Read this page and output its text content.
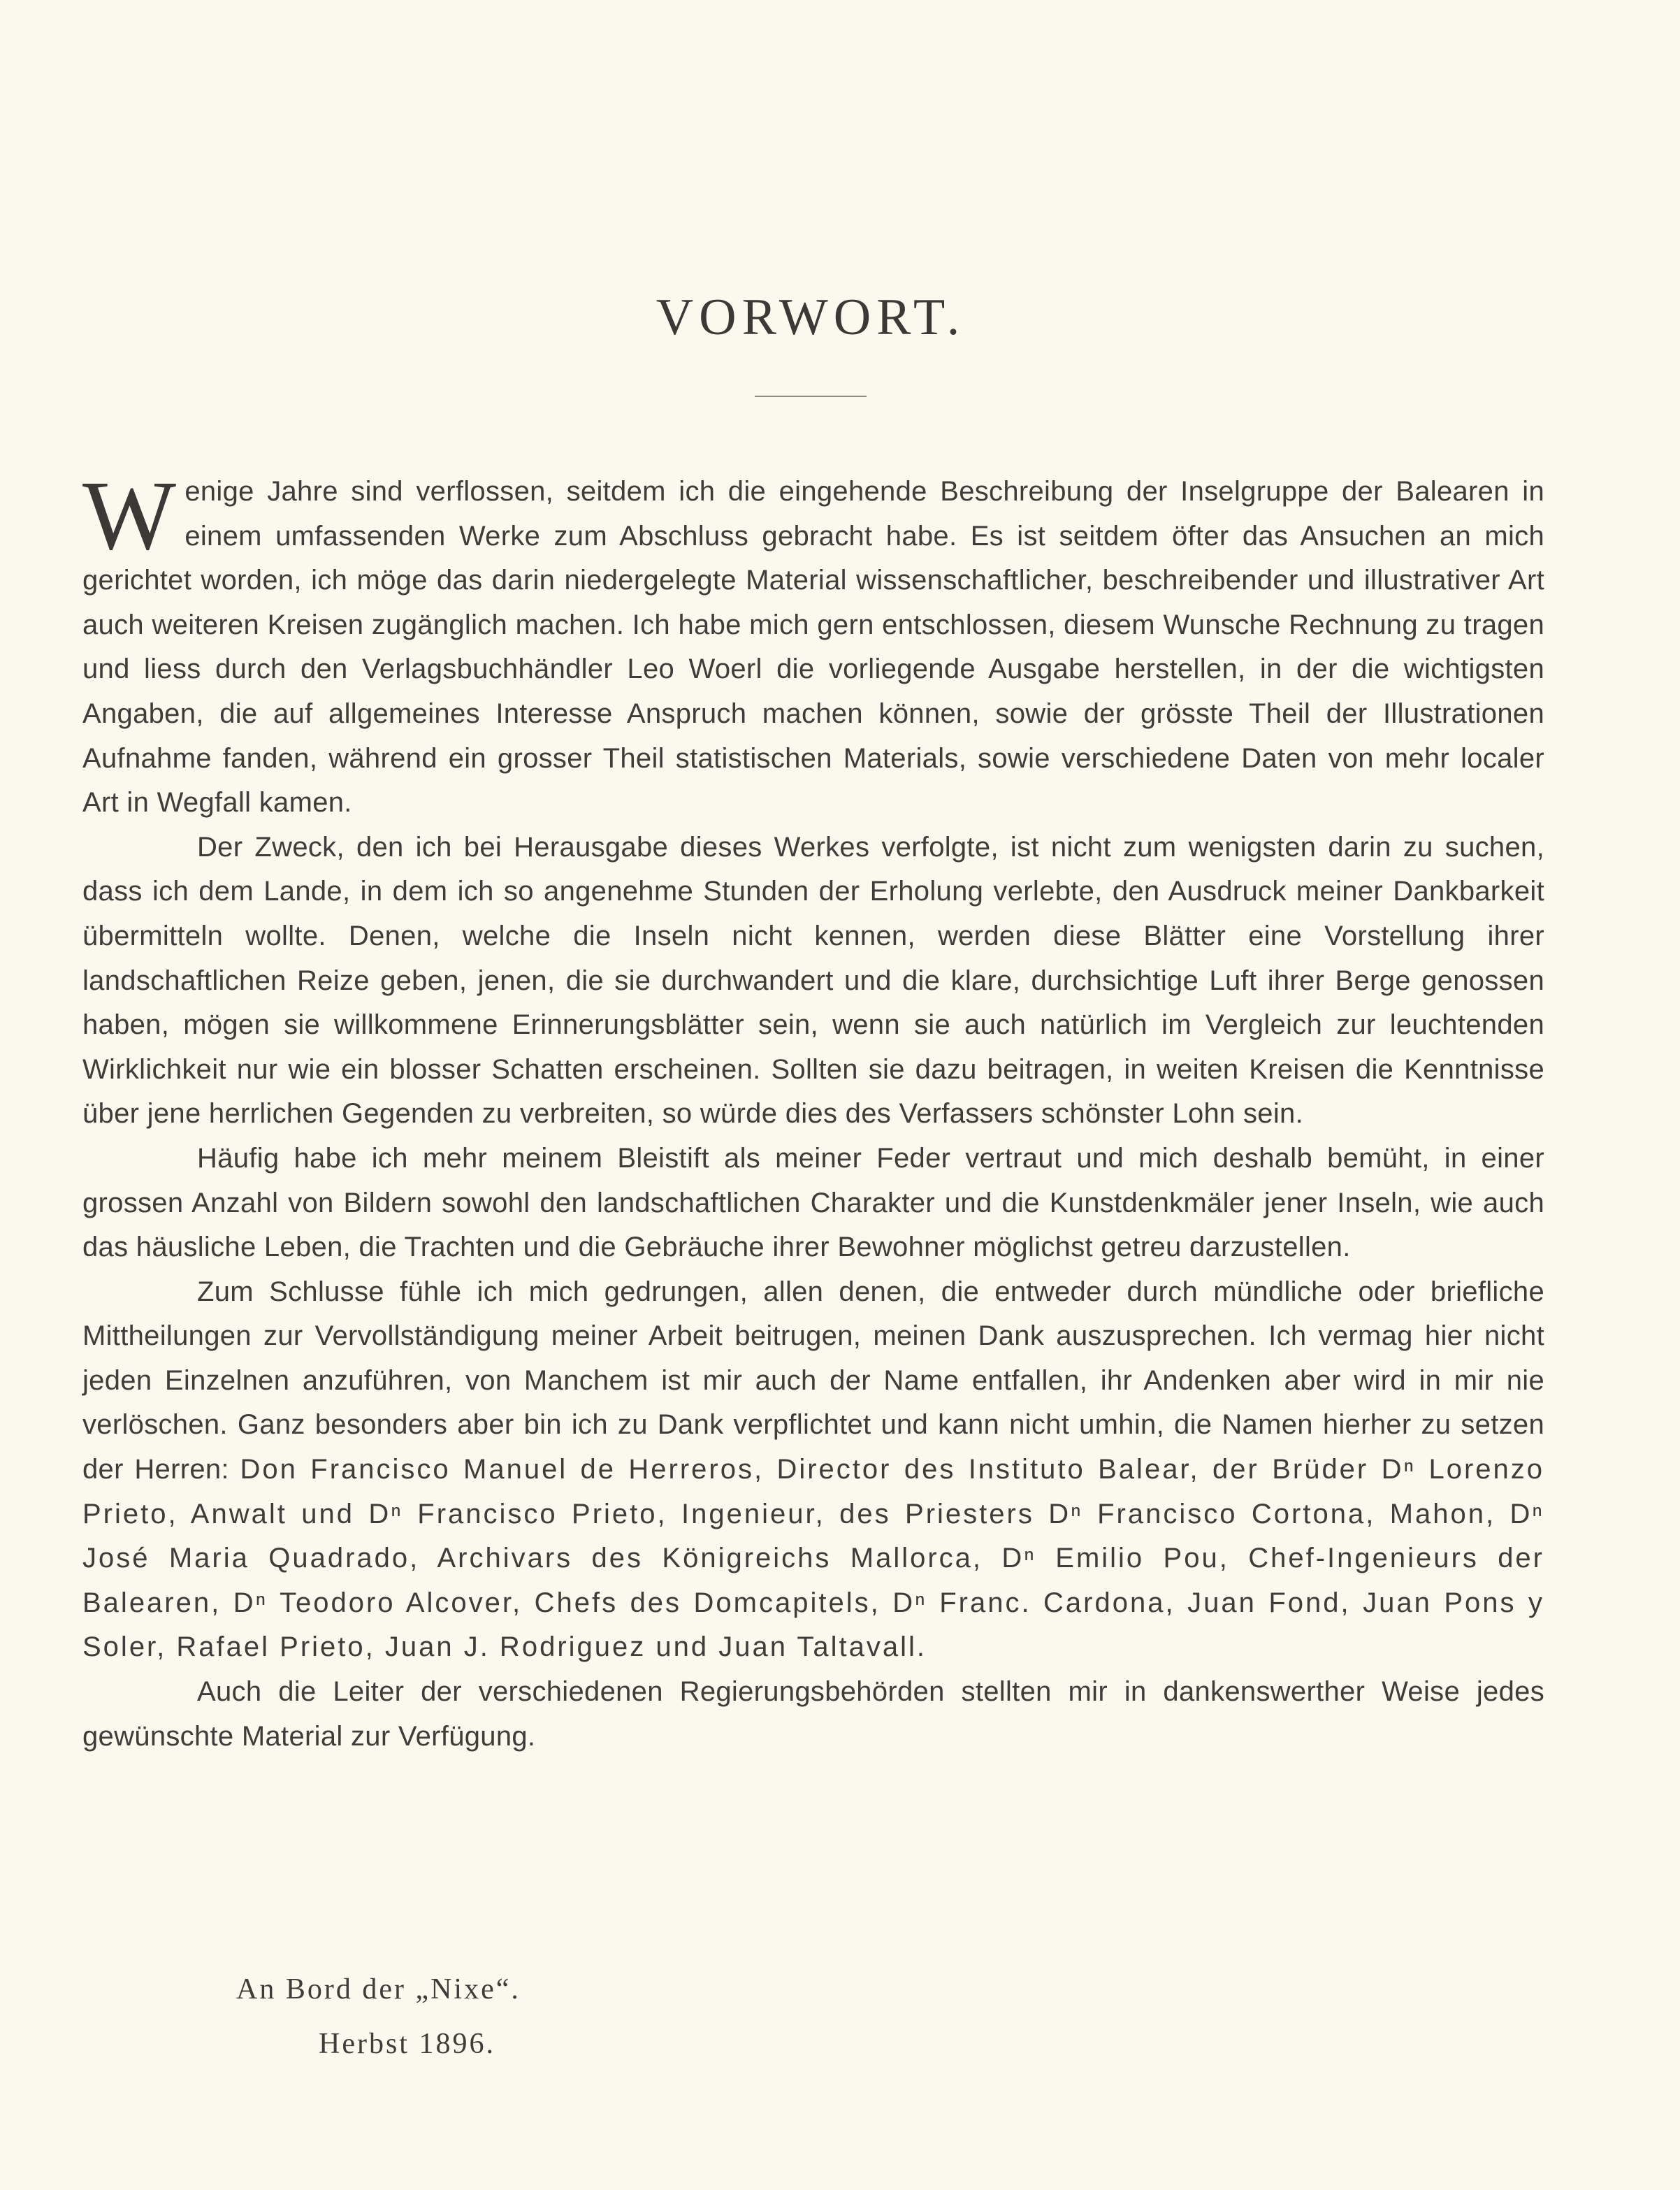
VORWORT.

Wenige Jahre sind verflossen, seitdem ich die eingehende Beschreibung der Inselgruppe der Balearen in einem umfassenden Werke zum Abschluss gebracht habe. Es ist seitdem öfter das Ansuchen an mich gerichtet worden, ich möge das darin niedergelegte Material wissenschaftlicher, beschreibender und illustrativer Art auch weiteren Kreisen zugänglich machen. Ich habe mich gern entschlossen, diesem Wunsche Rechnung zu tragen und liess durch den Verlagsbuchhändler Leo Woerl die vorliegende Ausgabe herstellen, in der die wichtigsten Angaben, die auf allgemeines Interesse Anspruch machen können, sowie der grösste Theil der Illustrationen Aufnahme fanden, während ein grosser Theil statistischen Materials, sowie verschiedene Daten von mehr localer Art in Wegfall kamen.

Der Zweck, den ich bei Herausgabe dieses Werkes verfolgte, ist nicht zum wenigsten darin zu suchen, dass ich dem Lande, in dem ich so angenehme Stunden der Erholung verlebte, den Ausdruck meiner Dankbarkeit übermitteln wollte. Denen, welche die Inseln nicht kennen, werden diese Blätter eine Vorstellung ihrer landschaftlichen Reize geben, jenen, die sie durchwandert und die klare, durchsichtige Luft ihrer Berge genossen haben, mögen sie willkommene Erinnerungsblätter sein, wenn sie auch natürlich im Vergleich zur leuchtenden Wirklichkeit nur wie ein blosser Schatten erscheinen. Sollten sie dazu beitragen, in weiten Kreisen die Kenntnisse über jene herrlichen Gegenden zu verbreiten, so würde dies des Verfassers schönster Lohn sein.

Häufig habe ich mehr meinem Bleistift als meiner Feder vertraut und mich deshalb bemüht, in einer grossen Anzahl von Bildern sowohl den landschaftlichen Charakter und die Kunstdenkmäler jener Inseln, wie auch das häusliche Leben, die Trachten und die Gebräuche ihrer Bewohner möglichst getreu darzustellen.

Zum Schlusse fühle ich mich gedrungen, allen denen, die entweder durch mündliche oder briefliche Mittheilungen zur Vervollständigung meiner Arbeit beitrugen, meinen Dank auszusprechen. Ich vermag hier nicht jeden Einzelnen anzuführen, von Manchem ist mir auch der Name entfallen, ihr Andenken aber wird in mir nie verlöschen. Ganz besonders aber bin ich zu Dank verpflichtet und kann nicht umhin, die Namen hierher zu setzen der Herren: Don Francisco Manuel de Herreros, Director des Instituto Balear, der Brüder Dⁿ Lorenzo Prieto, Anwalt und Dⁿ Francisco Prieto, Ingenieur, des Priesters Dⁿ Francisco Cortona, Mahon, Dⁿ José Maria Quadrado, Archivars des Königreichs Mallorca, Dⁿ Emilio Pou, Chef-Ingenieurs der Balearen, Dⁿ Teodoro Alcover, Chefs des Domcapitels, Dⁿ Franc. Cardona, Juan Fond, Juan Pons y Soler, Rafael Prieto, Juan J. Rodriguez und Juan Taltavall.

Auch die Leiter der verschiedenen Regierungsbehörden stellten mir in dankenswerther Weise jedes gewünschte Material zur Verfügung.

An Bord der „Nixe“.
Herbst 1896.
